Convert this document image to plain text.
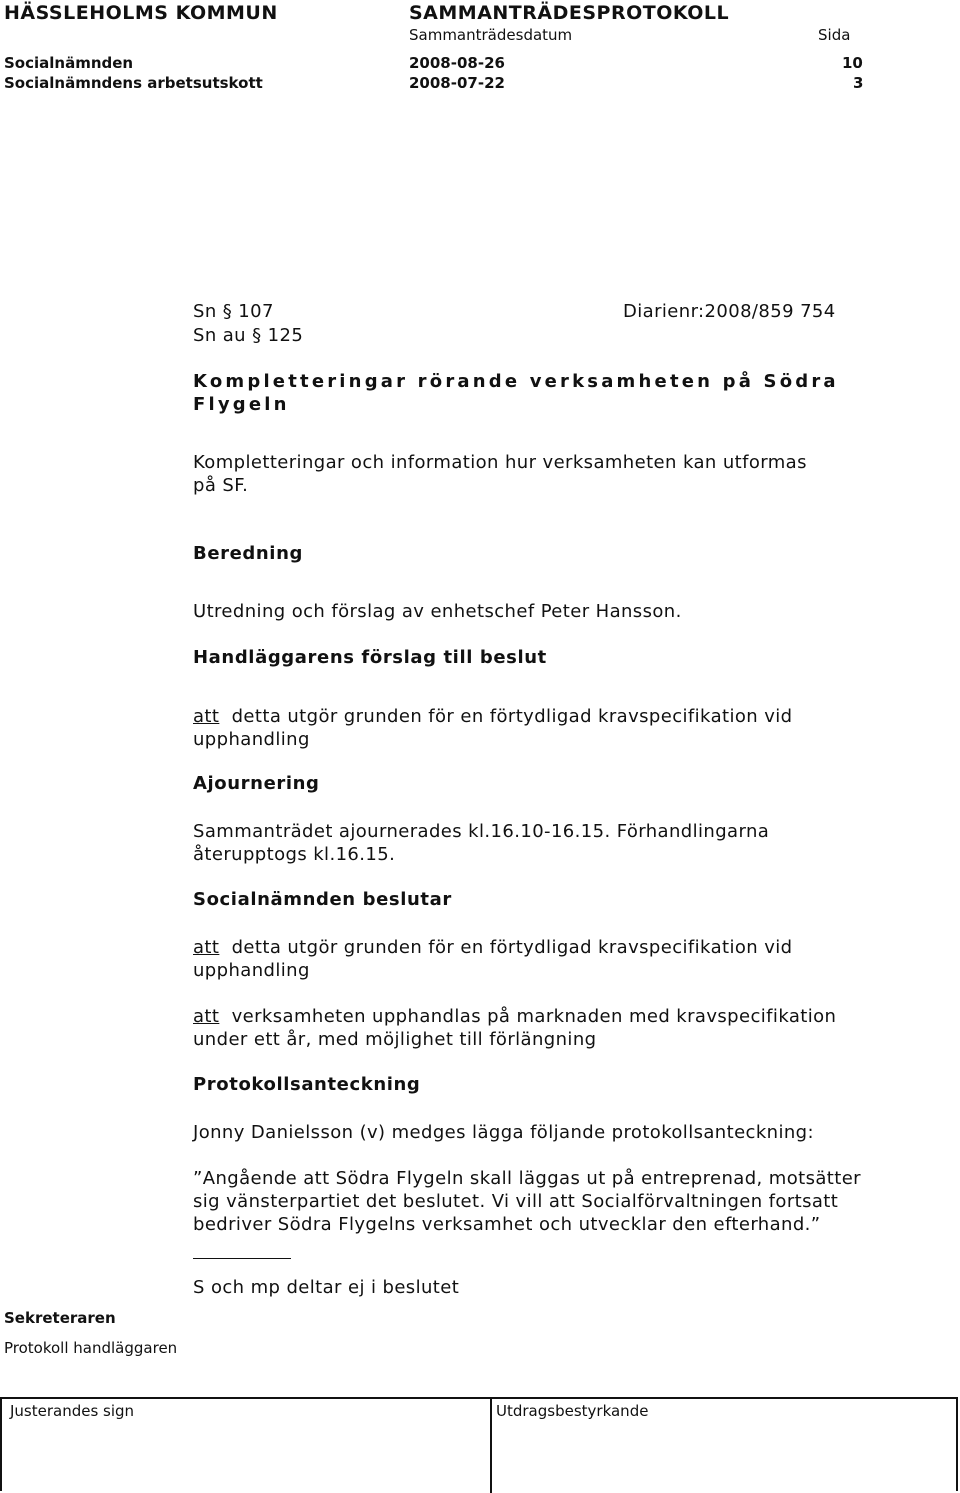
HÄSSLEHOLMS KOMMUN	SAMMANTRÄDESPROTOKOLL
Sammanträdesdatum	Sida
Socialnämnden	2008-08-26	10
Socialnämndens arbetsutskott	2008-07-22	3
Sn § 107	Diarienr:2008/859 754
Sn au § 125
Kompletteringar rörande verksamheten på Södra
Flygeln
Kompletteringar och information hur verksamheten kan utformas
på SF.
Beredning
Utredning och förslag av enhetschef Peter Hansson.
Handläggarens förslag till beslut
att detta utgör grunden för en förtydligad kravspecifikation vid
upphandling
Ajournering
Sammanträdet ajournerades kl.16.10-16.15. Förhandlingarna
återupptogs kl.16.15.
Socialnämnden beslutar
att detta utgör grunden för en förtydligad kravspecifikation vid
upphandling
att verksamheten upphandlas på marknaden med kravspecifikation
under ett år, med möjlighet till förlängning
Protokollsanteckning
Jonny Danielsson (v) medges lägga följande protokollsanteckning:
”Angående att Södra Flygeln skall läggas ut på entreprenad, motsätter
sig vänsterpartiet det beslutet. Vi vill att Socialförvaltningen fortsatt
bedriver Södra Flygelns verksamhet och utvecklar den efterhand.”
S och mp deltar ej i beslutet
Sekreteraren
Protokoll handläggaren
Justerandes sign	Utdragsbestyrkande
